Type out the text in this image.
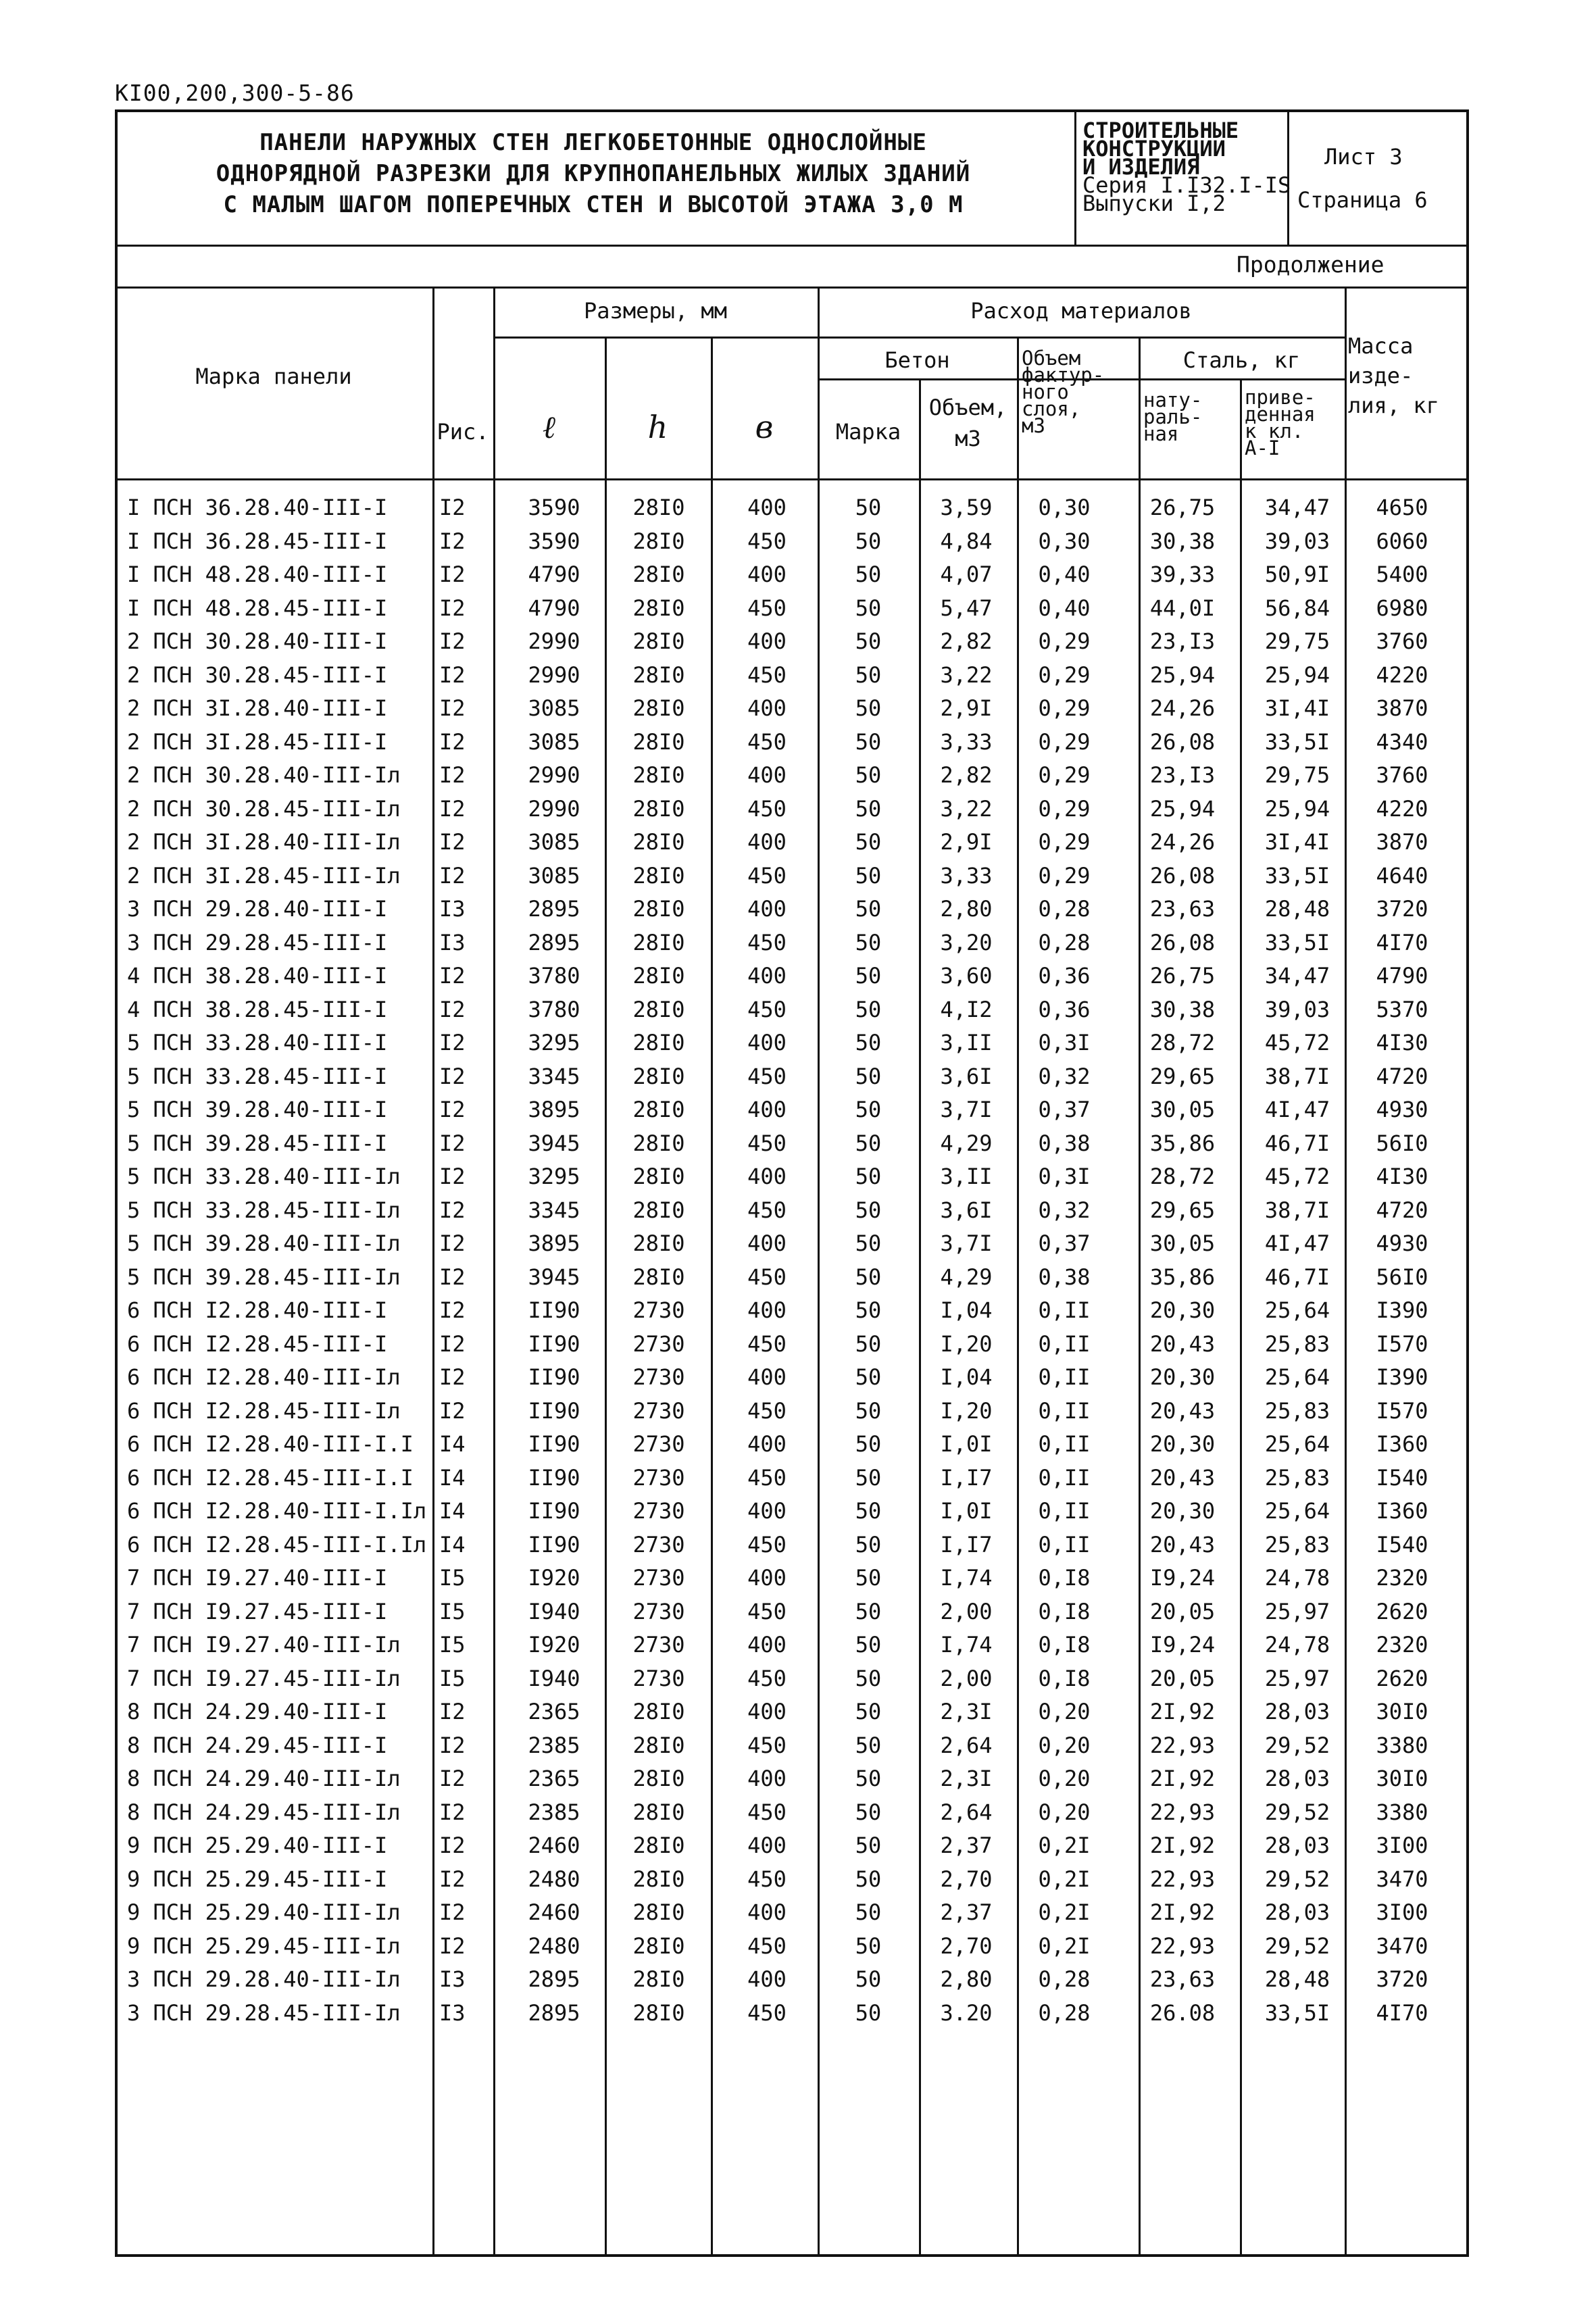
КI00,200,300-5-86
ПАНЕЛИ НАРУЖНЫХ СТЕН ЛЕГКОБЕТОННЫЕ ОДНОСЛОЙНЫЕ
ОДНОРЯДНОЙ РАЗРЕЗКИ ДЛЯ КРУПНОПАНЕЛЬНЫХ ЖИЛЫХ ЗДАНИЙ
С МАЛЫМ ШАГОМ ПОПЕРЕЧНЫХ СТЕН И ВЫСОТОЙ ЭТАЖА 3,0 М
СТРОИТЕЛЬНЫЕ
КОНСТРУКЦИИ
И ИЗДЕЛИЯ
Серия I.I32.I-IS
Выпуски I,2
Лист 3
Страница 6
Продолжение
Марка панели
Рис.
Размеры, мм
ℓ	h	в
Расход материалов
Бетон
Марка
Объем,
м3
Объем
фактур-
ного
слоя,
м3
Сталь, кг
нату-
раль-
ная
приве-
денная
к кл.
А-I
Масса
изде-
лия, кг
I ПСН 36.28.40-III-I I2	3590	28I0	400	50	3,59	0,30	26,75	34,47	4650
I ПСН 36.28.45-III-I I2	3590	28I0	450	50	4,84	0,30	30,38	39,03	6060
I ПСН 48.28.40-III-I I2	4790	28I0	400	50	4,07	0,40	39,33	50,9I	5400
I ПСН 48.28.45-III-I I2	4790	28I0	450	50	5,47	0,40	44,0I	56,84	6980
2 ПСН 30.28.40-III-I I2	2990	28I0	400	50	2,82	0,29	23,I3	29,75	3760
2 ПСН 30.28.45-III-I I2	2990	28I0	450	50	3,22	0,29	25,94	25,94	4220
2 ПСН 3I.28.40-III-I I2	3085	28I0	400	50	2,9I	0,29	24,26	3I,4I	3870
2 ПСН 3I.28.45-III-I I2	3085	28I0	450	50	3,33	0,29	26,08	33,5I	4340
2 ПСН 30.28.40-III-Iл I2	2990	28I0	400	50	2,82	0,29	23,I3	29,75	3760
2 ПСН 30.28.45-III-Iл I2	2990	28I0	450	50	3,22	0,29	25,94	25,94	4220
2 ПСН 3I.28.40-III-Iл I2	3085	28I0	400	50	2,9I	0,29	24,26	3I,4I	3870
2 ПСН 3I.28.45-III-Iл I2	3085	28I0	450	50	3,33	0,29	26,08	33,5I	4640
3 ПСН 29.28.40-III-I I3	2895	28I0	400	50	2,80	0,28	23,63	28,48	3720
3 ПСН 29.28.45-III-I I3	2895	28I0	450	50	3,20	0,28	26,08	33,5I	4I70
4 ПСН 38.28.40-III-I I2	3780	28I0	400	50	3,60	0,36	26,75	34,47	4790
4 ПСН 38.28.45-III-I I2	3780	28I0	450	50	4,I2	0,36	30,38	39,03	5370
5 ПСН 33.28.40-III-I I2	3295	28I0	400	50	3,II	0,3I	28,72	45,72	4I30
5 ПСН 33.28.45-III-I I2	3345	28I0	450	50	3,6I	0,32	29,65	38,7I	4720
5 ПСН 39.28.40-III-I I2	3895	28I0	400	50	3,7I	0,37	30,05	4I,47	4930
5 ПСН 39.28.45-III-I I2	3945	28I0	450	50	4,29	0,38	35,86	46,7I	56I0
5 ПСН 33.28.40-III-Iл I2	3295	28I0	400	50	3,II	0,3I	28,72	45,72	4I30
5 ПСН 33.28.45-III-Iл I2	3345	28I0	450	50	3,6I	0,32	29,65	38,7I	4720
5 ПСН 39.28.40-III-Iл I2	3895	28I0	400	50	3,7I	0,37	30,05	4I,47	4930
5 ПСН 39.28.45-III-Iл I2	3945	28I0	450	50	4,29	0,38	35,86	46,7I	56I0
6 ПСН I2.28.40-III-I I2	II90	2730	400	50	I,04	0,II	20,30	25,64	I390
6 ПСН I2.28.45-III-I I2	II90	2730	450	50	I,20	0,II	20,43	25,83	I570
6 ПСН I2.28.40-III-Iл I2	II90	2730	400	50	I,04	0,II	20,30	25,64	I390
6 ПСН I2.28.45-III-Iл I2	II90	2730	450	50	I,20	0,II	20,43	25,83	I570
6 ПСН I2.28.40-III-I.I I4	II90	2730	400	50	I,0I	0,II	20,30	25,64	I360
6 ПСН I2.28.45-III-I.I I4	II90	2730	450	50	I,I7	0,II	20,43	25,83	I540
6 ПСН I2.28.40-III-I.Iл I4	II90	2730	400	50	I,0I	0,II	20,30	25,64	I360
6 ПСН I2.28.45-III-I.Iл I4	II90	2730	450	50	I,I7	0,II	20,43	25,83	I540
7 ПСН I9.27.40-III-I I5	I920	2730	400	50	I,74	0,I8	I9,24	24,78	2320
7 ПСН I9.27.45-III-I I5	I940	2730	450	50	2,00	0,I8	20,05	25,97	2620
7 ПСН I9.27.40-III-Iл I5	I920	2730	400	50	I,74	0,I8	I9,24	24,78	2320
7 ПСН I9.27.45-III-Iл I5	I940	2730	450	50	2,00	0,I8	20,05	25,97	2620
8 ПСН 24.29.40-III-I I2	2365	28I0	400	50	2,3I	0,20	2I,92	28,03	30I0
8 ПСН 24.29.45-III-I I2	2385	28I0	450	50	2,64	0,20	22,93	29,52	3380
8 ПСН 24.29.40-III-Iл I2	2365	28I0	400	50	2,3I	0,20	2I,92	28,03	30I0
8 ПСН 24.29.45-III-Iл I2	2385	28I0	450	50	2,64	0,20	22,93	29,52	3380
9 ПСН 25.29.40-III-I I2	2460	28I0	400	50	2,37	0,2I	2I,92	28,03	3I00
9 ПСН 25.29.45-III-I I2	2480	28I0	450	50	2,70	0,2I	22,93	29,52	3470
9 ПСН 25.29.40-III-Iл I2	2460	28I0	400	50	2,37	0,2I	2I,92	28,03	3I00
9 ПСН 25.29.45-III-Iл I2	2480	28I0	450	50	2,70	0,2I	22,93	29,52	3470
3 ПСН 29.28.40-III-Iл I3	2895	28I0	400	50	2,80	0,28	23,63	28,48	3720
3 ПСН 29.28.45-III-Iл I3	2895	28I0	450	50	3.20	0,28	26.08	33,5I	4I70
